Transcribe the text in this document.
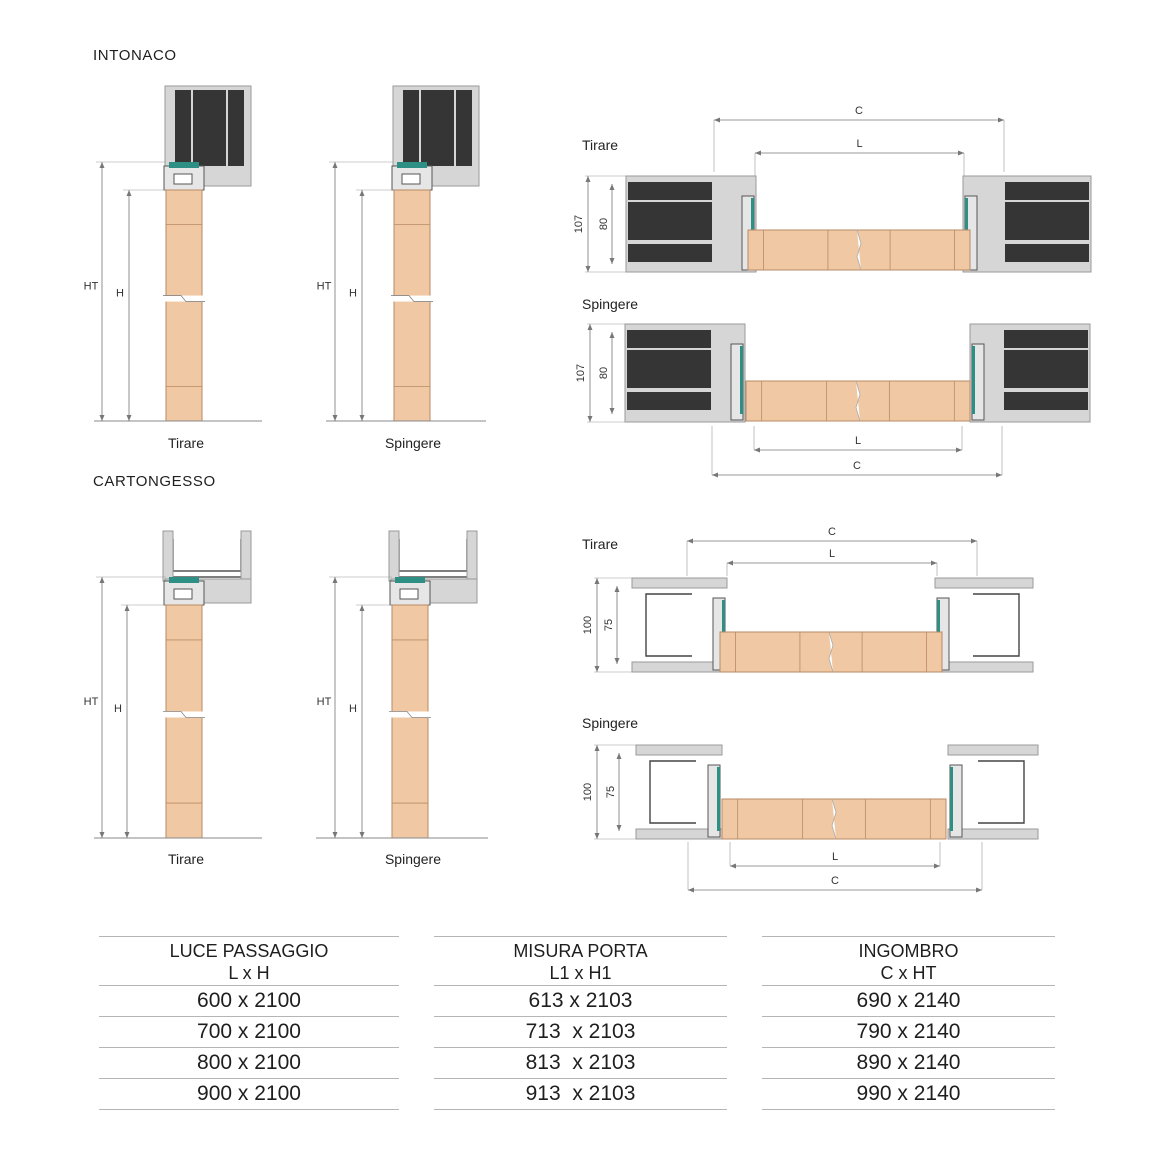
INTONACO
CARTONGESSO
HT
H
Tirare
HT
H
Spingere
HT
H
Tirare
HT
H
Spingere
Tirare
107 80
C
L
Spingere
107 80
C
L
Tirare
100 75
C
L
Spingere
100 75
C
L
LUCE PASSAGGIO
L x H
600 x 2100
700 x 2100
800 x 2100
900 x 2100
MISURA PORTA
L1 x H1
613 x 2103
713  x 2103
813  x 2103
913  x 2103
INGOMBRO
C x HT
690 x 2140
790 x 2140
890 x 2140
990 x 2140
